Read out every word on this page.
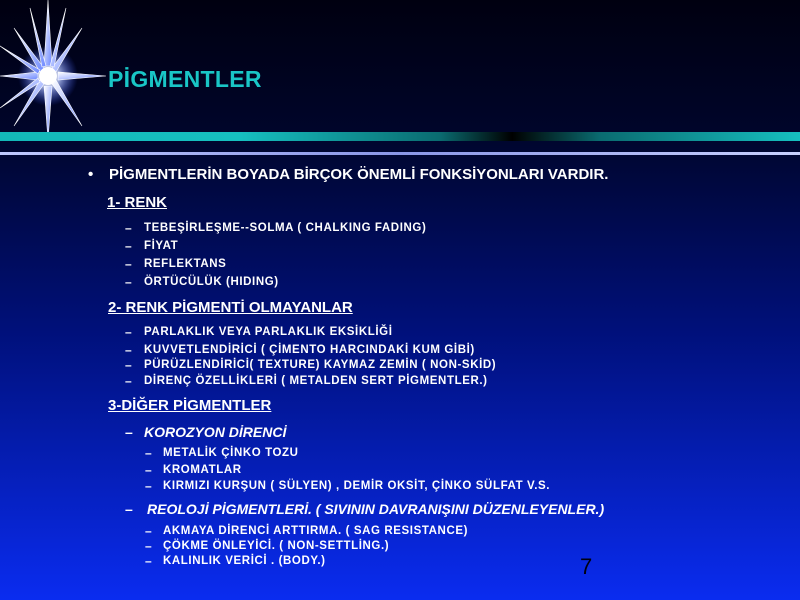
PİGMENTLER
• PİGMENTLERİN BOYADA BİRÇOK ÖNEMLİ FONKSİYONLARI VARDIR.
1- RENK
– TEBEŞİRLEŞME--SOLMA ( CHALKING FADING)
– FİYAT
– REFLEKTANS
– ÖRTÜCÜLÜK (HIDING)
2- RENK PİGMENTİ OLMAYANLAR
– PARLAKLIK VEYA PARLAKLIK EKSİKLİĞİ
– KUVVETLENDİRİCİ ( ÇİMENTO HARCINDAKİ KUM GİBİ)
– PÜRÜZLENDİRİCİ( TEXTURE) KAYMAZ ZEMİN ( NON-SKİD)
– DİRENÇ ÖZELLİKLERİ ( METALDEN SERT PİGMENTLER.)
3-DİĞER PİGMENTLER
– KOROZYON DİRENCİ
– METALİK ÇİNKO TOZU
– KROMATLAR
– KIRMIZI KURŞUN ( SÜLYEN) , DEMİR OKSİT, ÇİNKO SÜLFAT V.S.
– REOLOJİ PİGMENTLERİ. ( SIVININ DAVRANIŞINI DÜZENLEYENLER.)
– AKMAYA DİRENCİ ARTTIRMA. ( SAG RESISTANCE)
– ÇÖKME ÖNLEYİCİ. ( NON-SETTLİNG.)
– KALINLIK VERİCİ . (BODY.)	7
